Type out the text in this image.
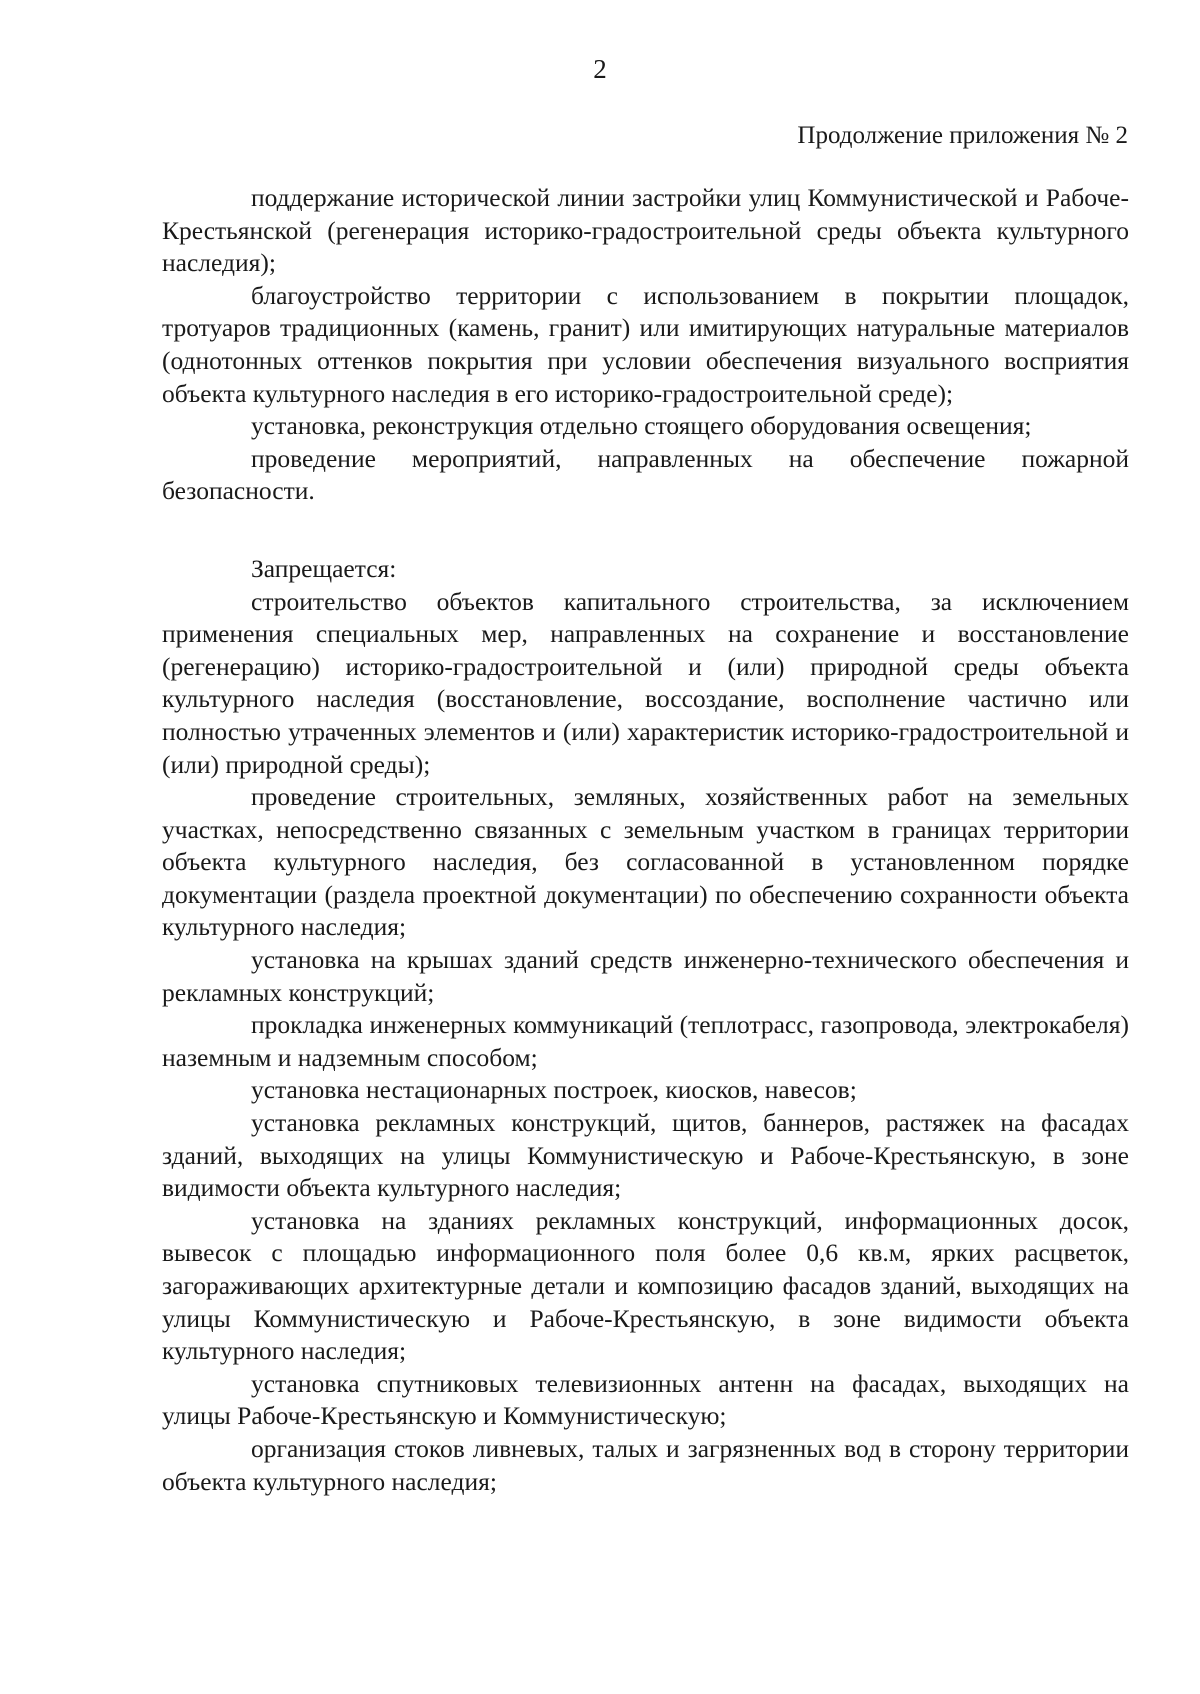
2
Продолжение приложения № 2

поддержание исторической линии застройки улиц Коммунистической и Рабоче-Крестьянской (регенерация историко-градостроительной среды объекта культурного наследия);

благоустройство территории с использованием в покрытии площадок, тротуаров традиционных (камень, гранит) или имитирующих натуральные материалов (однотонных оттенков покрытия при условии обеспечения визуального восприятия объекта культурного наследия в его историко-градостроительной среде);

установка, реконструкция отдельно стоящего оборудования освещения;

проведение мероприятий, направленных на обеспечение пожарной безопасности.

Запрещается:

строительство объектов капитального строительства, за исключением применения специальных мер, направленных на сохранение и восстановление (регенерацию) историко-градостроительной и (или) природной среды объекта культурного наследия (восстановление, воссоздание, восполнение частично или полностью утраченных элементов и (или) характеристик историко-градостроительной и (или) природной среды);

проведение строительных, земляных, хозяйственных работ на земельных участках, непосредственно связанных с земельным участком в границах территории объекта культурного наследия, без согласованной в установленном порядке документации (раздела проектной документации) по обеспечению сохранности объекта культурного наследия;

установка на крышах зданий средств инженерно-технического обеспечения и рекламных конструкций;

прокладка инженерных коммуникаций (теплотрасс, газопровода, электрокабеля) наземным и надземным способом;

установка нестационарных построек, киосков, навесов;

установка рекламных конструкций, щитов, баннеров, растяжек на фасадах зданий, выходящих на улицы Коммунистическую и Рабоче-Крестьянскую, в зоне видимости объекта культурного наследия;

установка на зданиях рекламных конструкций, информационных досок, вывесок с площадью информационного поля более 0,6 кв.м, ярких расцветок, загораживающих архитектурные детали и композицию фасадов зданий, выходящих на улицы Коммунистическую и Рабоче-Крестьянскую, в зоне видимости объекта культурного наследия;

установка спутниковых телевизионных антенн на фасадах, выходящих на улицы Рабоче-Крестьянскую и Коммунистическую;

организация стоков ливневых, талых и загрязненных вод в сторону территории объекта культурного наследия;
